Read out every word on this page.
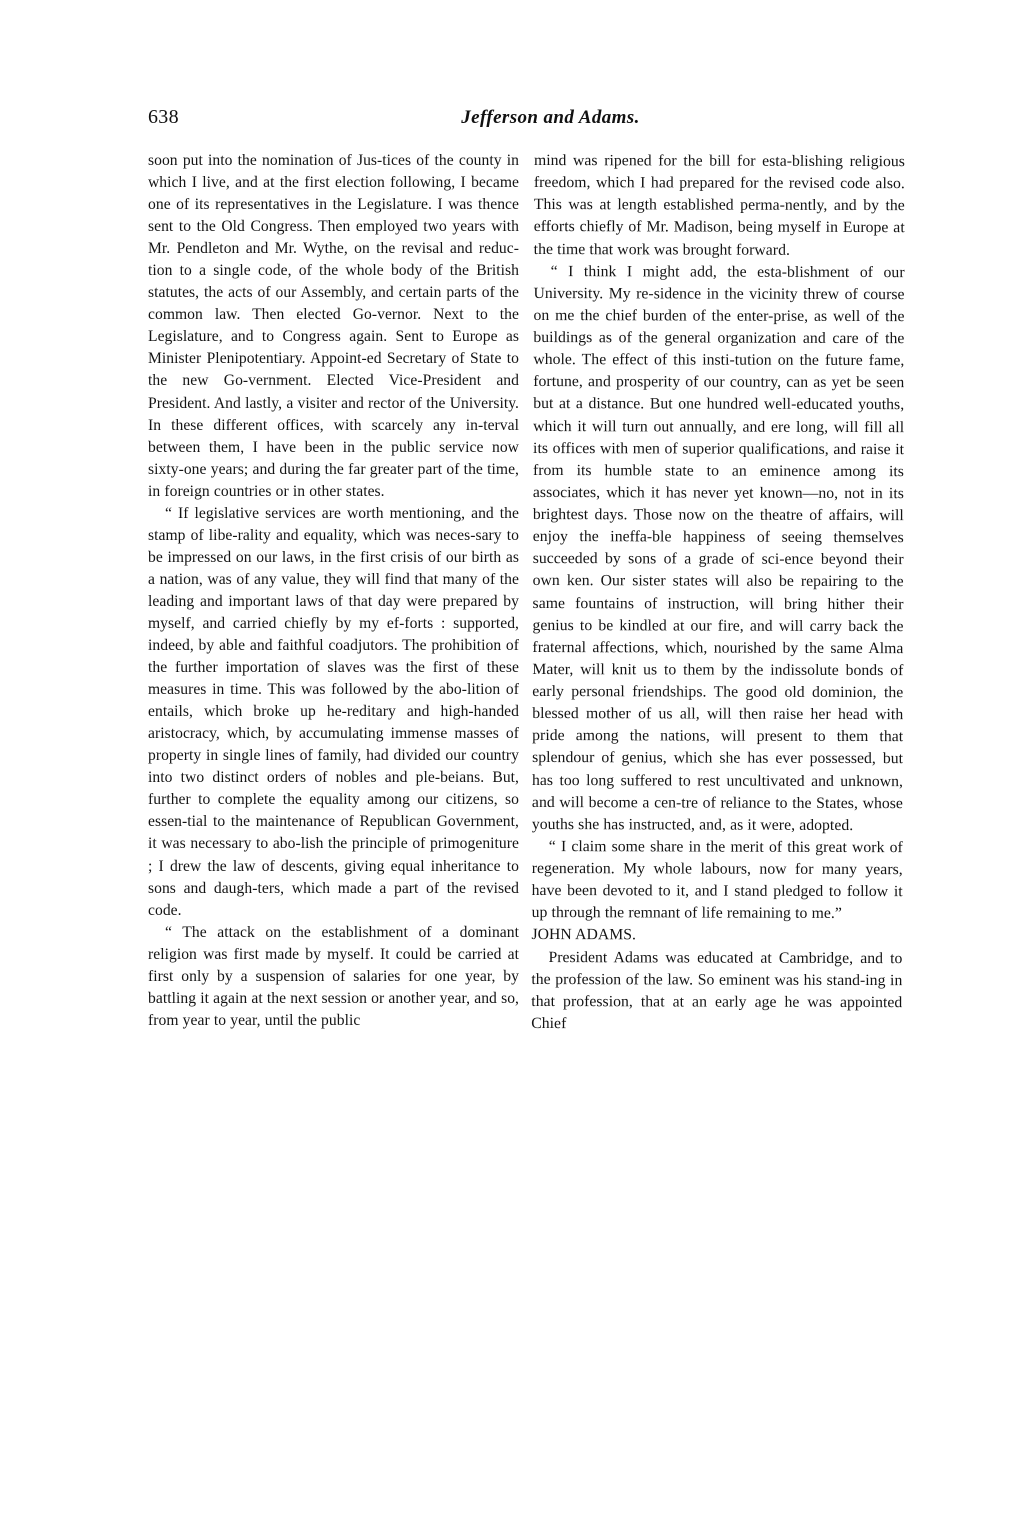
638	Jefferson and Adams.

soon put into the nomination of Jus-tices of the county in which I live, and at the first election following, I became one of its representatives in the Legislature. I was thence sent to the Old Congress. Then employed two years with Mr. Pendleton and Mr. Wythe, on the revisal and reduc-tion to a single code, of the whole body of the British statutes, the acts of our Assembly, and certain parts of the common law. Then elected Go-vernor. Next to the Legislature, and to Congress again. Sent to Europe as Minister Plenipotentiary. Appoint-ed Secretary of State to the new Go-vernment. Elected Vice-President and President. And lastly, a visiter and rector of the University. In these different offices, with scarcely any in-terval between them, I have been in the public service now sixty-one years; and during the far greater part of the time, in foreign countries or in other states.

“ If legislative services are worth mentioning, and the stamp of libe-rality and equality, which was neces-sary to be impressed on our laws, in the first crisis of our birth as a nation, was of any value, they will find that many of the leading and important laws of that day were prepared by myself, and carried chiefly by my ef-forts : supported, indeed, by able and faithful coadjutors. The prohibition of the further importation of slaves was the first of these measures in time. This was followed by the abo-lition of entails, which broke up he-reditary and high-handed aristocracy, which, by accumulating immense masses of property in single lines of family, had divided our country into two distinct orders of nobles and ple-beians. But, further to complete the equality among our citizens, so essen-tial to the maintenance of Republican Government, it was necessary to abo-lish the principle of primogeniture ; I drew the law of descents, giving equal inheritance to sons and daugh-ters, which made a part of the revised code.

“ The attack on the establishment of a dominant religion was first made by myself. It could be carried at first only by a suspension of salaries for one year, by battling it again at the next session or another year, and so, from year to year, until the public

mind was ripened for the bill for esta-blishing religious freedom, which I had prepared for the revised code also. This was at length established perma-nently, and by the efforts chiefly of Mr. Madison, being myself in Europe at the time that work was brought forward.

“ I think I might add, the esta-blishment of our University. My re-sidence in the vicinity threw of course on me the chief burden of the enter-prise, as well of the buildings as of the general organization and care of the whole. The effect of this insti-tution on the future fame, fortune, and prosperity of our country, can as yet be seen but at a distance. But one hundred well-educated youths, which it will turn out annually, and ere long, will fill all its offices with men of superior qualifications, and raise it from its humble state to an eminence among its associates, which it has never yet known—no, not in its brightest days. Those now on the theatre of affairs, will enjoy the ineffa-ble happiness of seeing themselves succeeded by sons of a grade of sci-ence beyond their own ken. Our sister states will also be repairing to the same fountains of instruction, will bring hither their genius to be kindled at our fire, and will carry back the fraternal affections, which, nourished by the same Alma Mater, will knit us to them by the indissolute bonds of early personal friendships. The good old dominion, the blessed mother of us all, will then raise her head with pride among the nations, will present to them that splendour of genius, which she has ever possessed, but has too long suffered to rest uncultivated and unknown, and will become a cen-tre of reliance to the States, whose youths she has instructed, and, as it were, adopted.

“ I claim some share in the merit of this great work of regeneration. My whole labours, now for many years, have been devoted to it, and I stand pledged to follow it up through the remnant of life remaining to me.”

JOHN ADAMS.

President Adams was educated at Cambridge, and to the profession of the law. So eminent was his stand-ing in that profession, that at an early age he was appointed Chief
